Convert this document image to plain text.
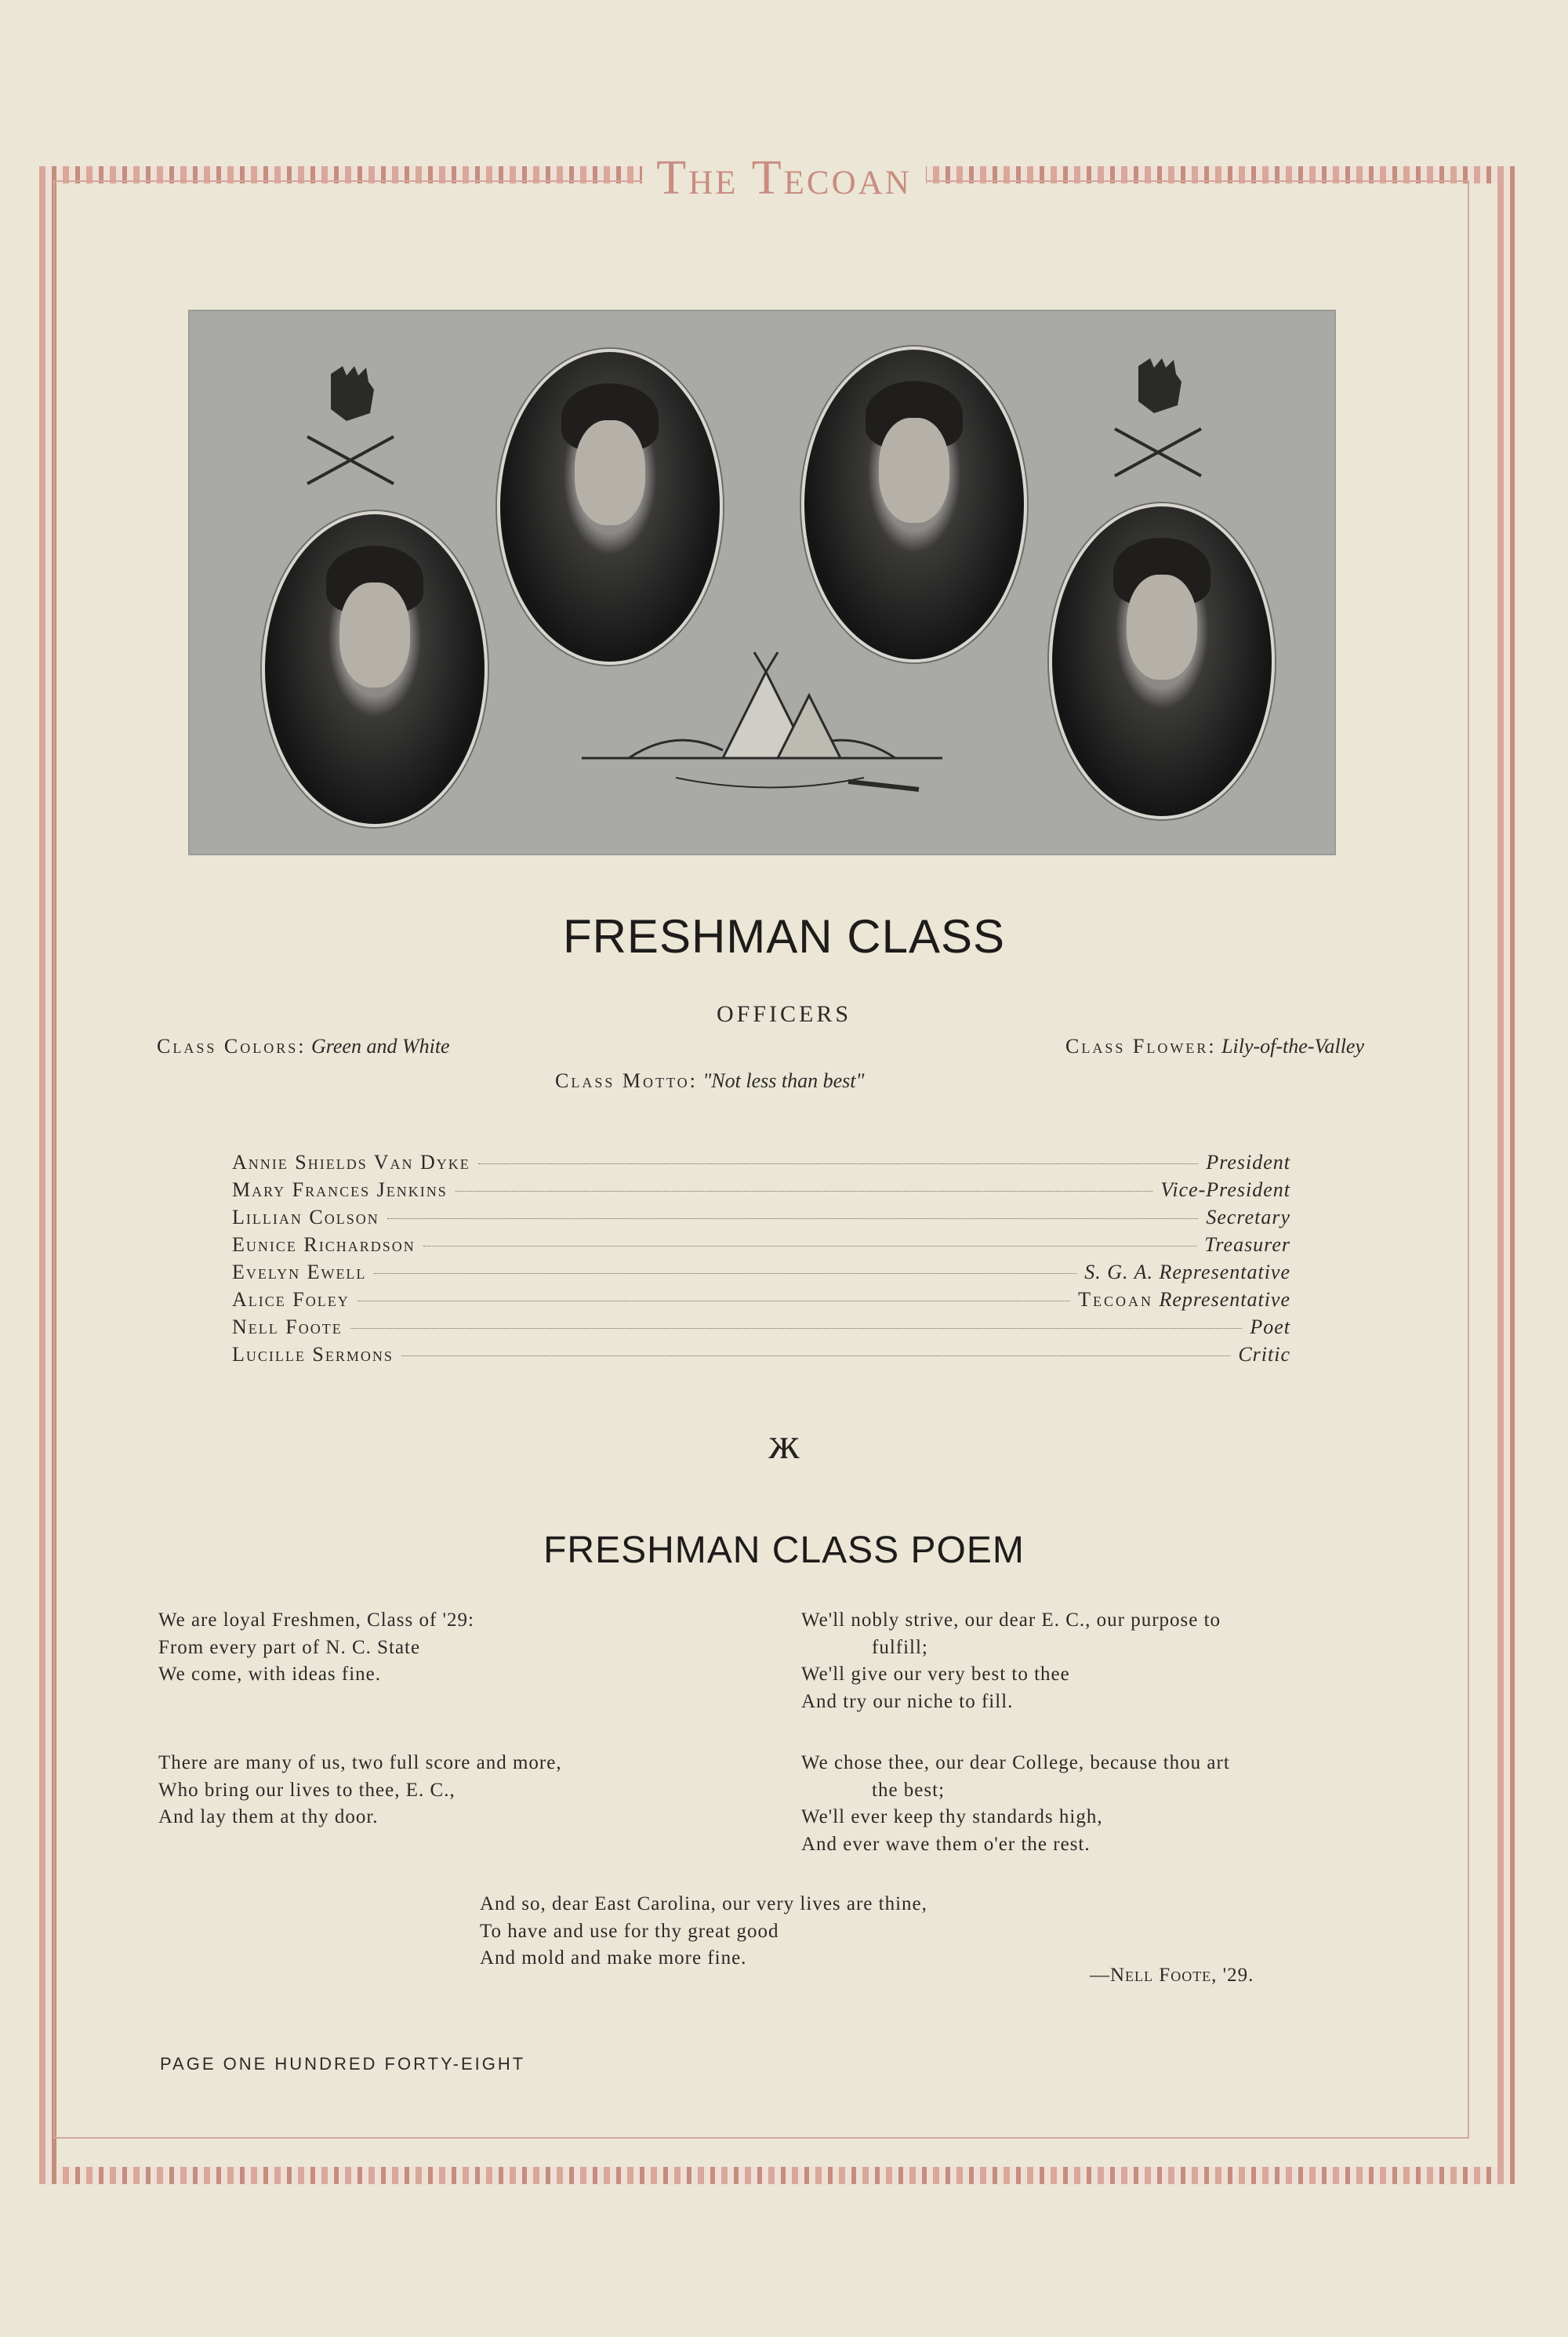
The Tecoan
FRESHMAN CLASS
OFFICERS
Class Colors: Green and White	Class Flower: Lily-of-the-Valley
Class Motto: "Not less than best"
Annie Shields Van Dyke	President
Mary Frances Jenkins	Vice-President
Lillian Colson	Secretary
Eunice Richardson	Treasurer
Evelyn Ewell	S. G. A. Representative
Alice Foley	Tecoan Representative
Nell Foote	Poet
Lucille Sermons	Critic
ж
FRESHMAN CLASS POEM
We are loyal Freshmen, Class of '29:
From every part of N. C. State
We come, with ideas fine.
There are many of us, two full score and more,
Who bring our lives to thee, E. C.,
And lay them at thy door.
We'll nobly strive, our dear E. C., our purpose to
fulfill;
We'll give our very best to thee
And try our niche to fill.
We chose thee, our dear College, because thou art
the best;
We'll ever keep thy standards high,
And ever wave them o'er the rest.
And so, dear East Carolina, our very lives are thine,
To have and use for thy great good
And mold and make more fine.
—Nell Foote, '29.
PAGE ONE HUNDRED FORTY-EIGHT
